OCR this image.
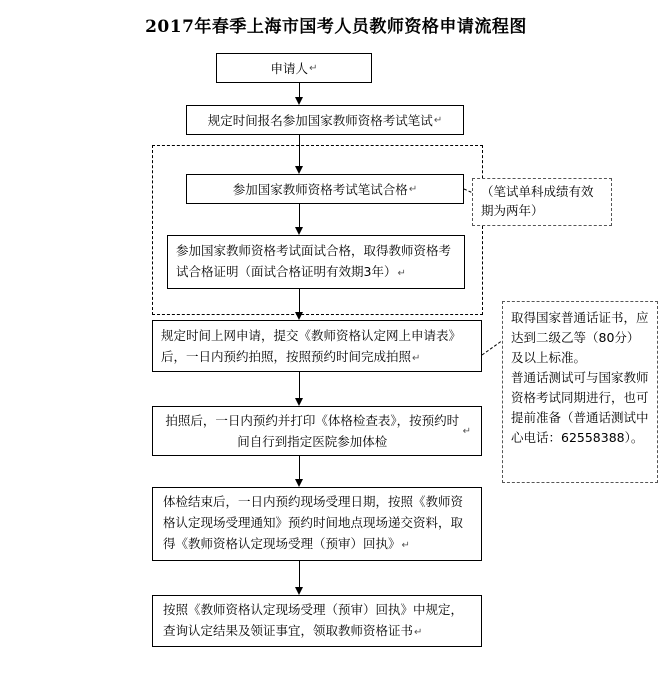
2017年春季上海市国考人员教师资格申请流程图
申请人 ↵
规定时间报名参加国家教师资格考试笔试 ↵
参加国家教师资格考试笔试合格 ↵
参加国家教师资格考试面试合格，取得教师资格考试合格证明（面试合格证明有效期3年）↵
规定时间上网申请，提交《教师资格认定网上申请表》后，一日内预约拍照，按照预约时间完成拍照↵
拍照后，一日内预约并打印《体格检查表》，按预约时间自行到指定医院参加体检
↵
体检结束后，一日内预约现场受理日期，按照《教师资格认定现场受理通知》预约时间地点现场递交资料，取得《教师资格认定现场受理（预审）回执》↵
按照《教师资格认定现场受理（预审）回执》中规定，查询认定结果及领证事宜，领取教师资格证书↵
（笔试单科成绩有效期为两年）
取得国家普通话证书，应达到二级乙等（80分）及以上标准。
普通话测试可与国家教师资格考试同期进行，也可提前准备（普通话测试中心电话：62558388）。
